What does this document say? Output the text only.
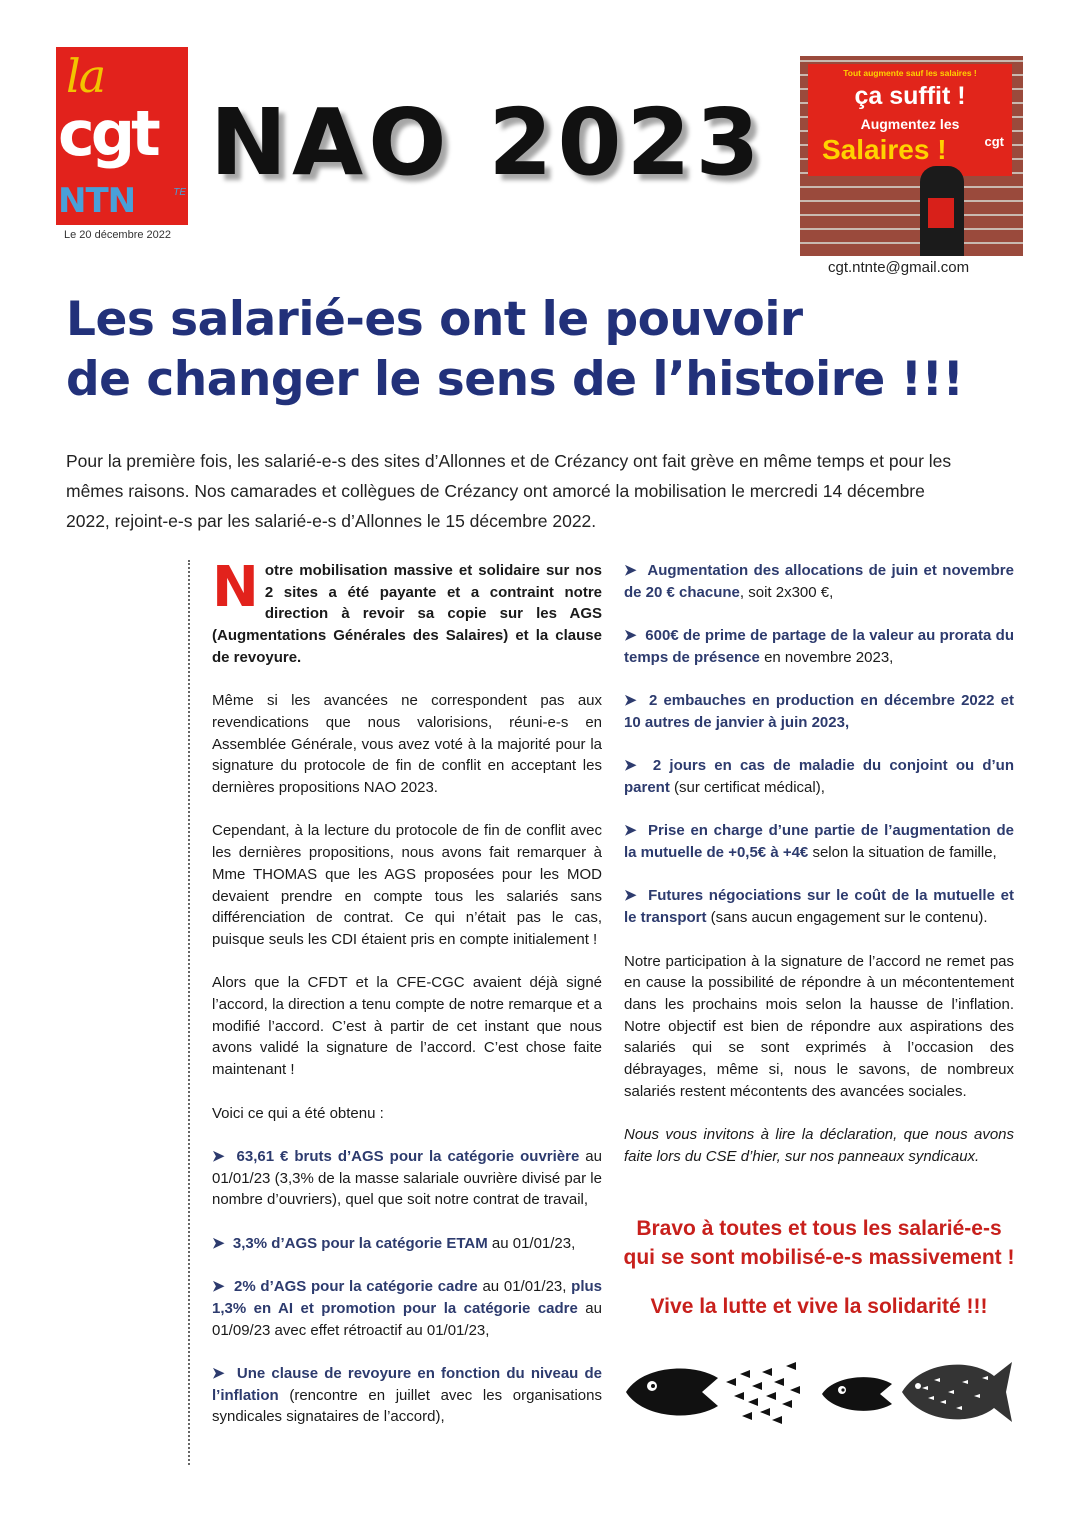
la
cgt
NTN	TE
Le 20 décembre 2022
NAO 2023
Tout augmente sauf les salaires !
ça suffit !
Augmentez les
Salaires !	cgt
cgt.ntnte@gmail.com
Les salarié-es ont le pouvoir
de changer le sens de l’histoire !!!
Pour la première fois, les salarié-e-s des sites d’Allonnes et de Crézancy ont fait grève en même temps et pour les mêmes raisons. Nos camarades et collègues de Crézancy ont amorcé la mobilisation le mercredi 14 décembre 2022, rejoint-e-s par les salarié-e-s d’Allonnes le 15 décembre 2022.

Notre mobilisation massive et solidaire sur nos 2 sites a été payante et a contraint notre direction à revoir sa copie sur les AGS (Augmentations Générales des Salaires) et la clause de revoyure.

Même si les avancées ne correspondent pas aux revendications que nous valorisions, réuni-e-s en Assemblée Générale, vous avez voté à la majorité pour la signature du protocole de fin de conflit en acceptant les dernières propositions NAO 2023.

Cependant, à la lecture du protocole de fin de conflit avec les dernières propositions, nous avons fait remarquer à Mme THOMAS que les AGS proposées pour les MOD devaient prendre en compte tous les salariés sans différenciation de contrat. Ce qui n’était pas le cas, puisque seuls les CDI étaient pris en compte initialement !

Alors que la CFDT et la CFE-CGC avaient déjà signé l’accord, la direction a tenu compte de notre remarque et a modifié l’accord. C’est à partir de cet instant que nous avons validé la signature de l’accord. C’est chose faite maintenant !

Voici ce qui a été obtenu :

➤ 63,61 € bruts d’AGS pour la catégorie ouvrière au 01/01/23 (3,3% de la masse salariale ouvrière divisé par le nombre d’ouvriers), quel que soit notre contrat de travail,

➤ 3,3% d’AGS pour la catégorie ETAM au 01/01/23,

➤ 2% d’AGS pour la catégorie cadre au 01/01/23, plus 1,3% en AI et promotion pour la catégorie cadre au 01/09/23 avec effet rétroactif au 01/01/23,

➤ Une clause de revoyure en fonction du niveau de l’inflation (rencontre en juillet avec les organisations syndicales signataires de l’accord),

➤ Augmentation des allocations de juin et novembre de 20 € chacune, soit 2x300 €,

➤ 600€ de prime de partage de la valeur au prorata du temps de présence en novembre 2023,

➤ 2 embauches en production en décembre 2022 et 10 autres de janvier à juin 2023,

➤ 2 jours en cas de maladie du conjoint ou d’un parent (sur certificat médical),

➤ Prise en charge d’une partie de l’augmentation de la mutuelle de +0,5€ à +4€ selon la situation de famille,

➤ Futures négociations sur le coût de la mutuelle et le transport (sans aucun engagement sur le contenu).

Notre participation à la signature de l’accord ne remet pas en cause la possibilité de répondre à un mécontentement dans les prochains mois selon la hausse de l’inflation. Notre objectif est bien de répondre aux aspirations des salariés qui se sont exprimés à l’occasion des débrayages, même si, nous le savons, de nombreux salariés restent mécontents des avancées sociales.

Nous vous invitons à lire la déclaration, que nous avons faite lors du CSE d’hier, sur nos panneaux syndicaux.

Bravo à toutes et tous les salarié-e-s qui se sont mobilisé-e-s massivement !
Vive la lutte et vive la solidarité !!!
